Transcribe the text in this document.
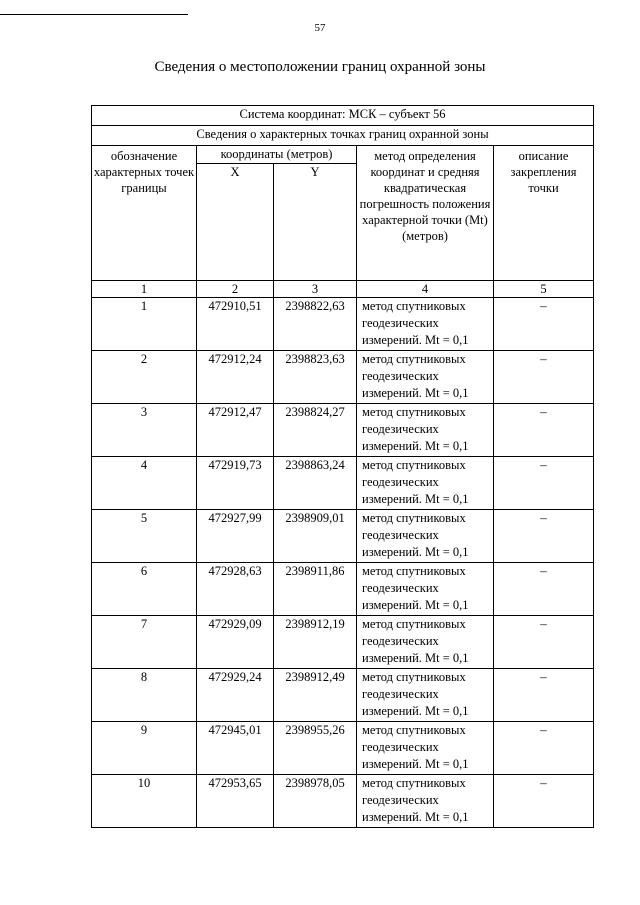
57
Сведения о местоположении границ охранной зоны
Система координат: МСК – субъект 56				
Сведения о характерных точках границ охранной зоны				
обозначение характерных точек границы	координаты (метров)		метод определения координат и средняя квадратическая погрешность положения характерной точки (Mt) (метров)	описание закрепления точки
	X	Y		
1	2	3	4	5
1	472910,51	2398822,63	метод спутниковых
геодезических
измерений. Mt = 0,1	–
2	472912,24	2398823,63	метод спутниковых
геодезических
измерений. Mt = 0,1	–
3	472912,47	2398824,27	метод спутниковых
геодезических
измерений. Mt = 0,1	–
4	472919,73	2398863,24	метод спутниковых
геодезических
измерений. Mt = 0,1	–
5	472927,99	2398909,01	метод спутниковых
геодезических
измерений. Mt = 0,1	–
6	472928,63	2398911,86	метод спутниковых
геодезических
измерений. Mt = 0,1	–
7	472929,09	2398912,19	метод спутниковых
геодезических
измерений. Mt = 0,1	–
8	472929,24	2398912,49	метод спутниковых
геодезических
измерений. Mt = 0,1	–
9	472945,01	2398955,26	метод спутниковых
геодезических
измерений. Mt = 0,1	–
10	472953,65	2398978,05	метод спутниковых
геодезических
измерений. Mt = 0,1	–
